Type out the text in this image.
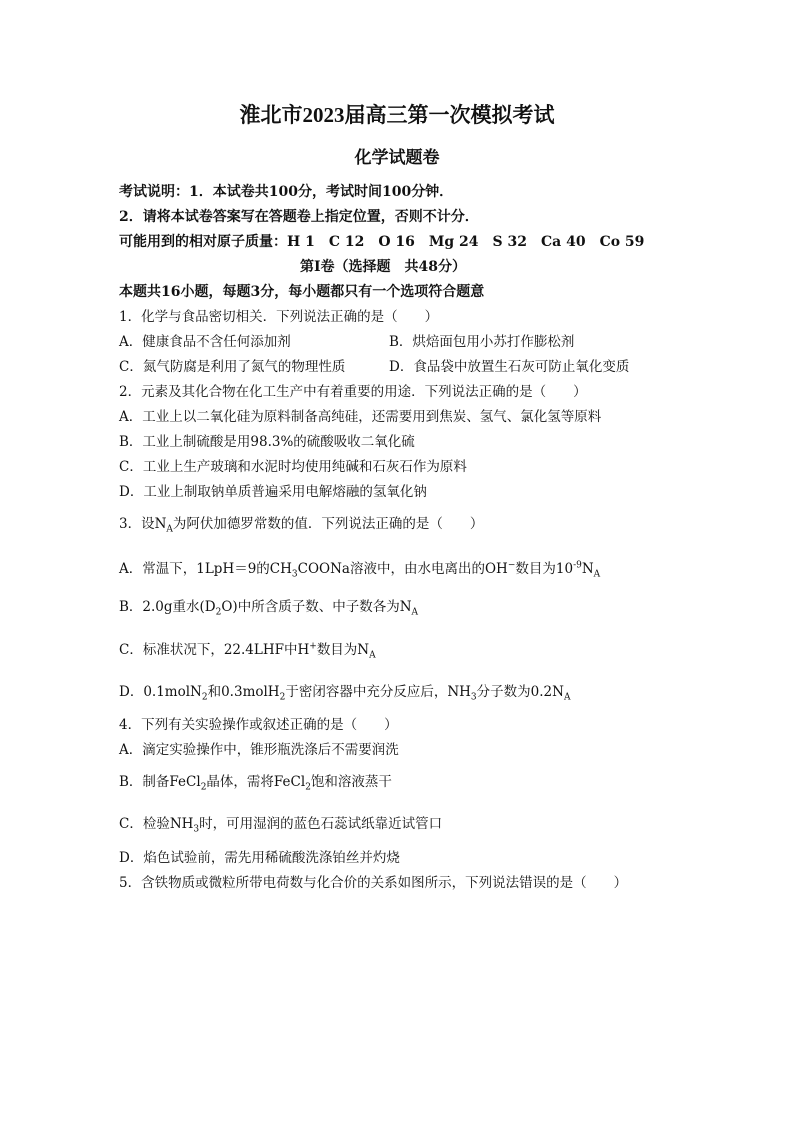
淮北市2023届高三第一次模拟考试
化学试题卷
考试说明：1．本试卷共100分，考试时间100分钟．
2．请将本试卷答案写在答题卷上指定位置，否则不计分．
可能用到的相对原子质量：H 1　C 12　O 16　Mg 24　S 32　Ca 40　Co 59
第Ⅰ卷（选择题　共48分）
本题共16小题，每题3分，每小题都只有一个选项符合题意
1．化学与食品密切相关．下列说法正确的是（　　）
A．健康食品不含任何添加剂	B．烘焙面包用小苏打作膨松剂
C．氮气防腐是利用了氮气的物理性质	D．食品袋中放置生石灰可防止氧化变质
2．元素及其化合物在化工生产中有着重要的用途．下列说法正确的是（　　）
A．工业上以二氧化硅为原料制备高纯硅，还需要用到焦炭、氢气、氯化氢等原料
B．工业上制硫酸是用98.3%的硫酸吸收二氧化硫
C．工业上生产玻璃和水泥时均使用纯碱和石灰石作为原料
D．工业上制取钠单质普遍采用电解熔融的氢氧化钠
3．设$N_A$为阿伏加德罗常数的值．下列说法正确的是（　　）
A．常温下，1LpH＝9的$CH_3COONa$溶液中，由水电离出的OH−数目为$10^{-9}N_A$
B．2.0g重水$(D_2O)$中所含质子数、中子数各为$N_A$
C．标准状况下，22.4LHF中H+数目为$N_A$
D．0.1molN$_2$和0.3molH$_2$于密闭容器中充分反应后，$NH_3$分子数为$0.2N_A$
4．下列有关实验操作或叙述正确的是（　　）
A．滴定实验操作中，锥形瓶洗涤后不需要润洗
B．制备FeCl$_2$晶体，需将FeCl$_2$饱和溶液蒸干
C．检验$NH_3$时，可用湿润的蓝色石蕊试纸靠近试管口
D．焰色试验前，需先用稀硫酸洗涤铂丝并灼烧
5．含铁物质或微粒所带电荷数与化合价的关系如图所示，下列说法错误的是（　　）
